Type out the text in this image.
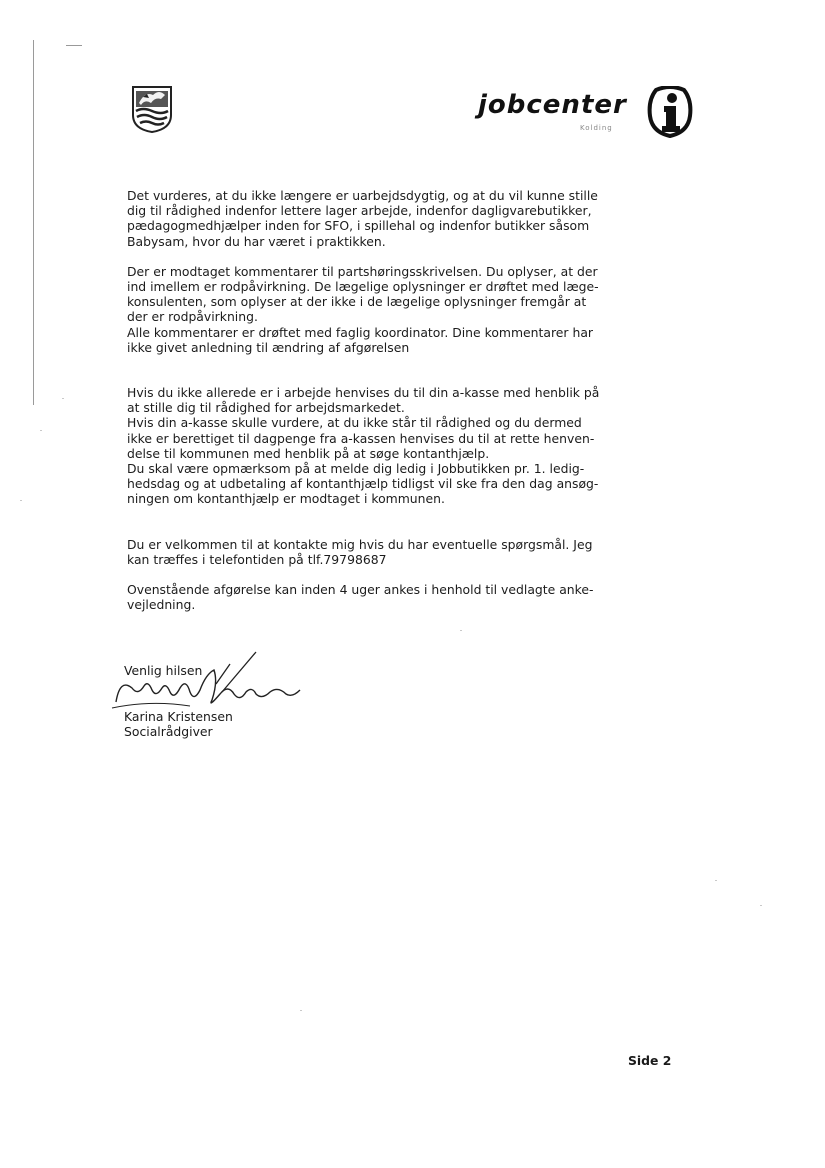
jobcenter
Kolding

Det vurderes, at du ikke længere er uarbejdsdygtig, og at du vil kunne stille
dig til rådighed indenfor lettere lager arbejde, indenfor dagligvarebutikker,
pædagogmedhjælper inden for SFO, i spillehal og indenfor butikker såsom
Babysam, hvor du har været i praktikken.

Der er modtaget kommentarer til partshøringsskrivelsen. Du oplyser, at der
ind imellem er rodpåvirkning. De lægelige oplysninger er drøftet med læge-
konsulenten, som oplyser at der ikke i de lægelige oplysninger fremgår at
der er rodpåvirkning.
Alle kommentarer er drøftet med faglig koordinator. Dine kommentarer har
ikke givet anledning til ændring af afgørelsen

Hvis du ikke allerede er i arbejde henvises du til din a-kasse med henblik på
at stille dig til rådighed for arbejdsmarkedet.
Hvis din a-kasse skulle vurdere, at du ikke står til rådighed og du dermed
ikke er berettiget til dagpenge fra a-kassen henvises du til at rette henven-
delse til kommunen med henblik på at søge kontanthjælp.
Du skal være opmærksom på at melde dig ledig i Jobbutikken pr. 1. ledig-
hedsdag og at udbetaling af kontanthjælp tidligst vil ske fra den dag ansøg-
ningen om kontanthjælp er modtaget i kommunen.

Du er velkommen til at kontakte mig hvis du har eventuelle spørgsmål. Jeg
kan træffes i telefontiden på tlf.79798687

Ovenstående afgørelse kan inden 4 uger ankes i henhold til vedlagte anke-
vejledning.

Venlig hilsen
Karina Kristensen
Socialrådgiver
Side 2
